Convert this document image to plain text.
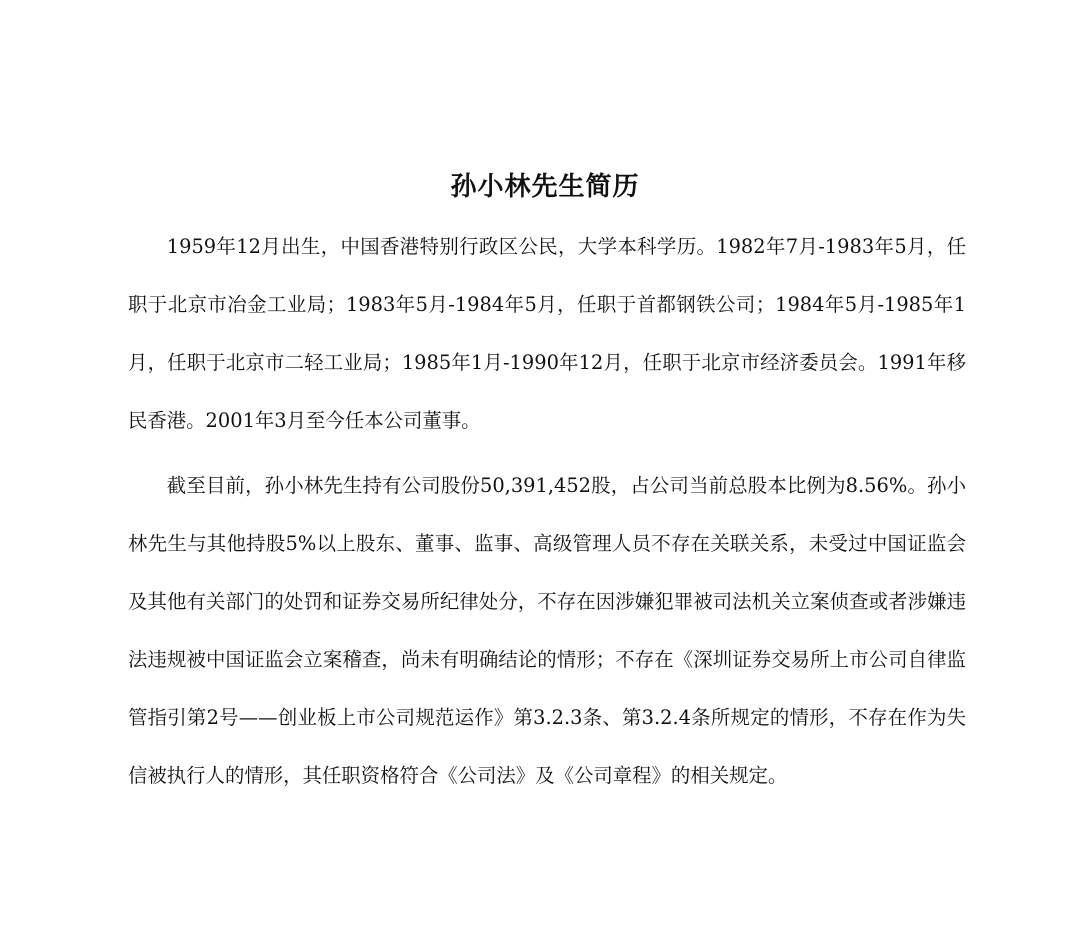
孙小林先生简历

1959年12月出生，中国香港特别行政区公民，大学本科学历。1982年7月-1983年5月，任职于北京市冶金工业局；1983年5月-1984年5月，任职于首都钢铁公司；1984年5月-1985年1月，任职于北京市二轻工业局；1985年1月-1990年12月，任职于北京市经济委员会。1991年移民香港。2001年3月至今任本公司董事。

截至目前，孙小林先生持有公司股份50,391,452股，占公司当前总股本比例为8.56%。孙小林先生与其他持股5%以上股东、董事、监事、高级管理人员不存在关联关系，未受过中国证监会及其他有关部门的处罚和证券交易所纪律处分，不存在因涉嫌犯罪被司法机关立案侦查或者涉嫌违法违规被中国证监会立案稽查，尚未有明确结论的情形；不存在《深圳证券交易所上市公司自律监管指引第2号——创业板上市公司规范运作》第3.2.3条、第3.2.4条所规定的情形，不存在作为失信被执行人的情形，其任职资格符合《公司法》及《公司章程》的相关规定。
